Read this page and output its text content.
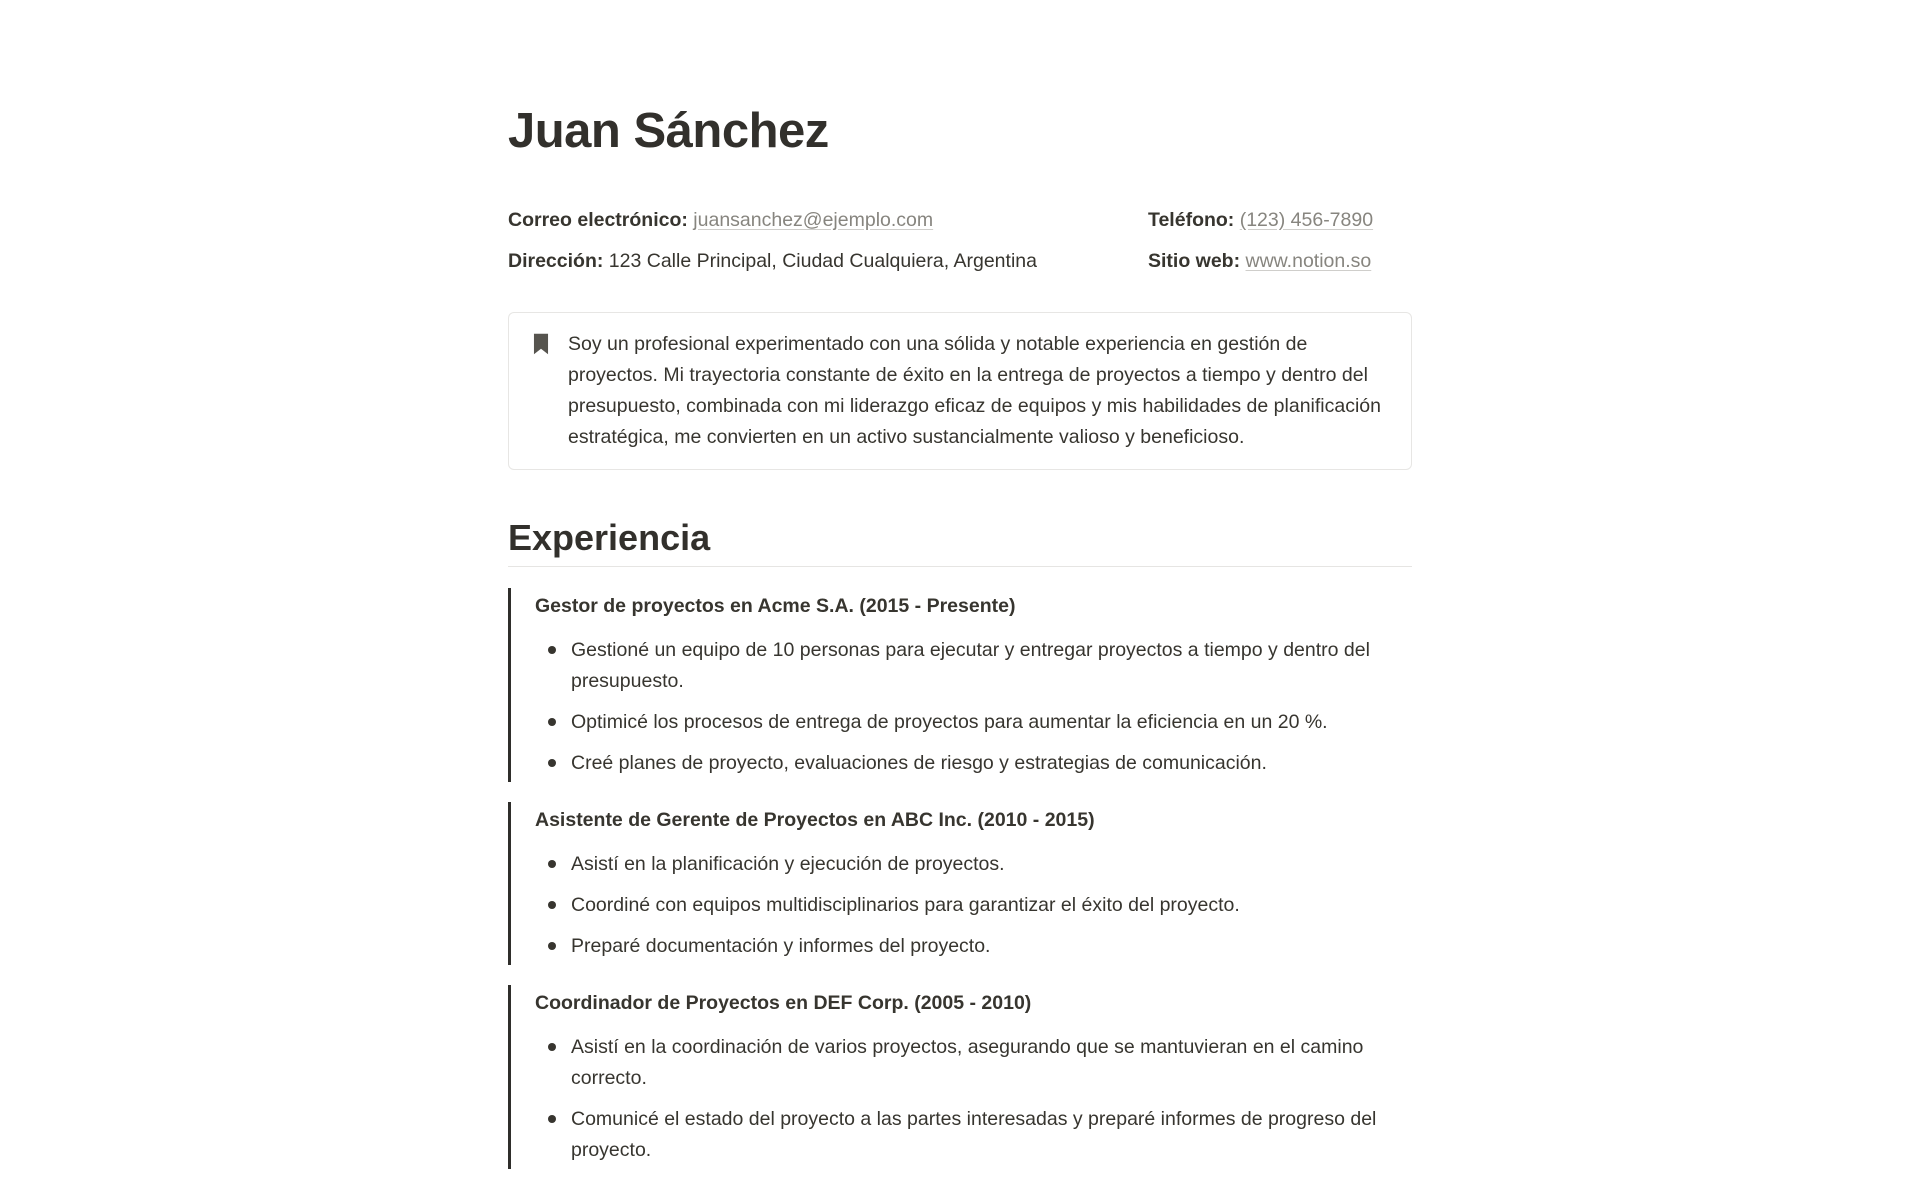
Juan Sánchez

Correo electrónico: juansanchez@ejemplo.com

Dirección: 123 Calle Principal, Ciudad Cualquiera, Argentina

Teléfono: (123) 456-7890

Sitio web: www.notion.so

Soy un profesional experimentado con una sólida y notable experiencia en gestión de proyectos. Mi trayectoria constante de éxito en la entrega de proyectos a tiempo y dentro del presupuesto, combinada con mi liderazgo eficaz de equipos y mis habilidades de planificación estratégica, me convierten en un activo sustancialmente valioso y beneficioso.
Experiencia
Gestor de proyectos en Acme S.A. (2015 - Presente)
Gestioné un equipo de 10 personas para ejecutar y entregar proyectos a tiempo y dentro del presupuesto.
Optimicé los procesos de entrega de proyectos para aumentar la eficiencia en un 20 %.
Creé planes de proyecto, evaluaciones de riesgo y estrategias de comunicación.
Asistente de Gerente de Proyectos en ABC Inc. (2010 - 2015)
Asistí en la planificación y ejecución de proyectos.
Coordiné con equipos multidisciplinarios para garantizar el éxito del proyecto.
Preparé documentación y informes del proyecto.
Coordinador de Proyectos en DEF Corp. (2005 - 2010)
Asistí en la coordinación de varios proyectos, asegurando que se mantuvieran en el camino correcto.
Comunicé el estado del proyecto a las partes interesadas y preparé informes de progreso del proyecto.
